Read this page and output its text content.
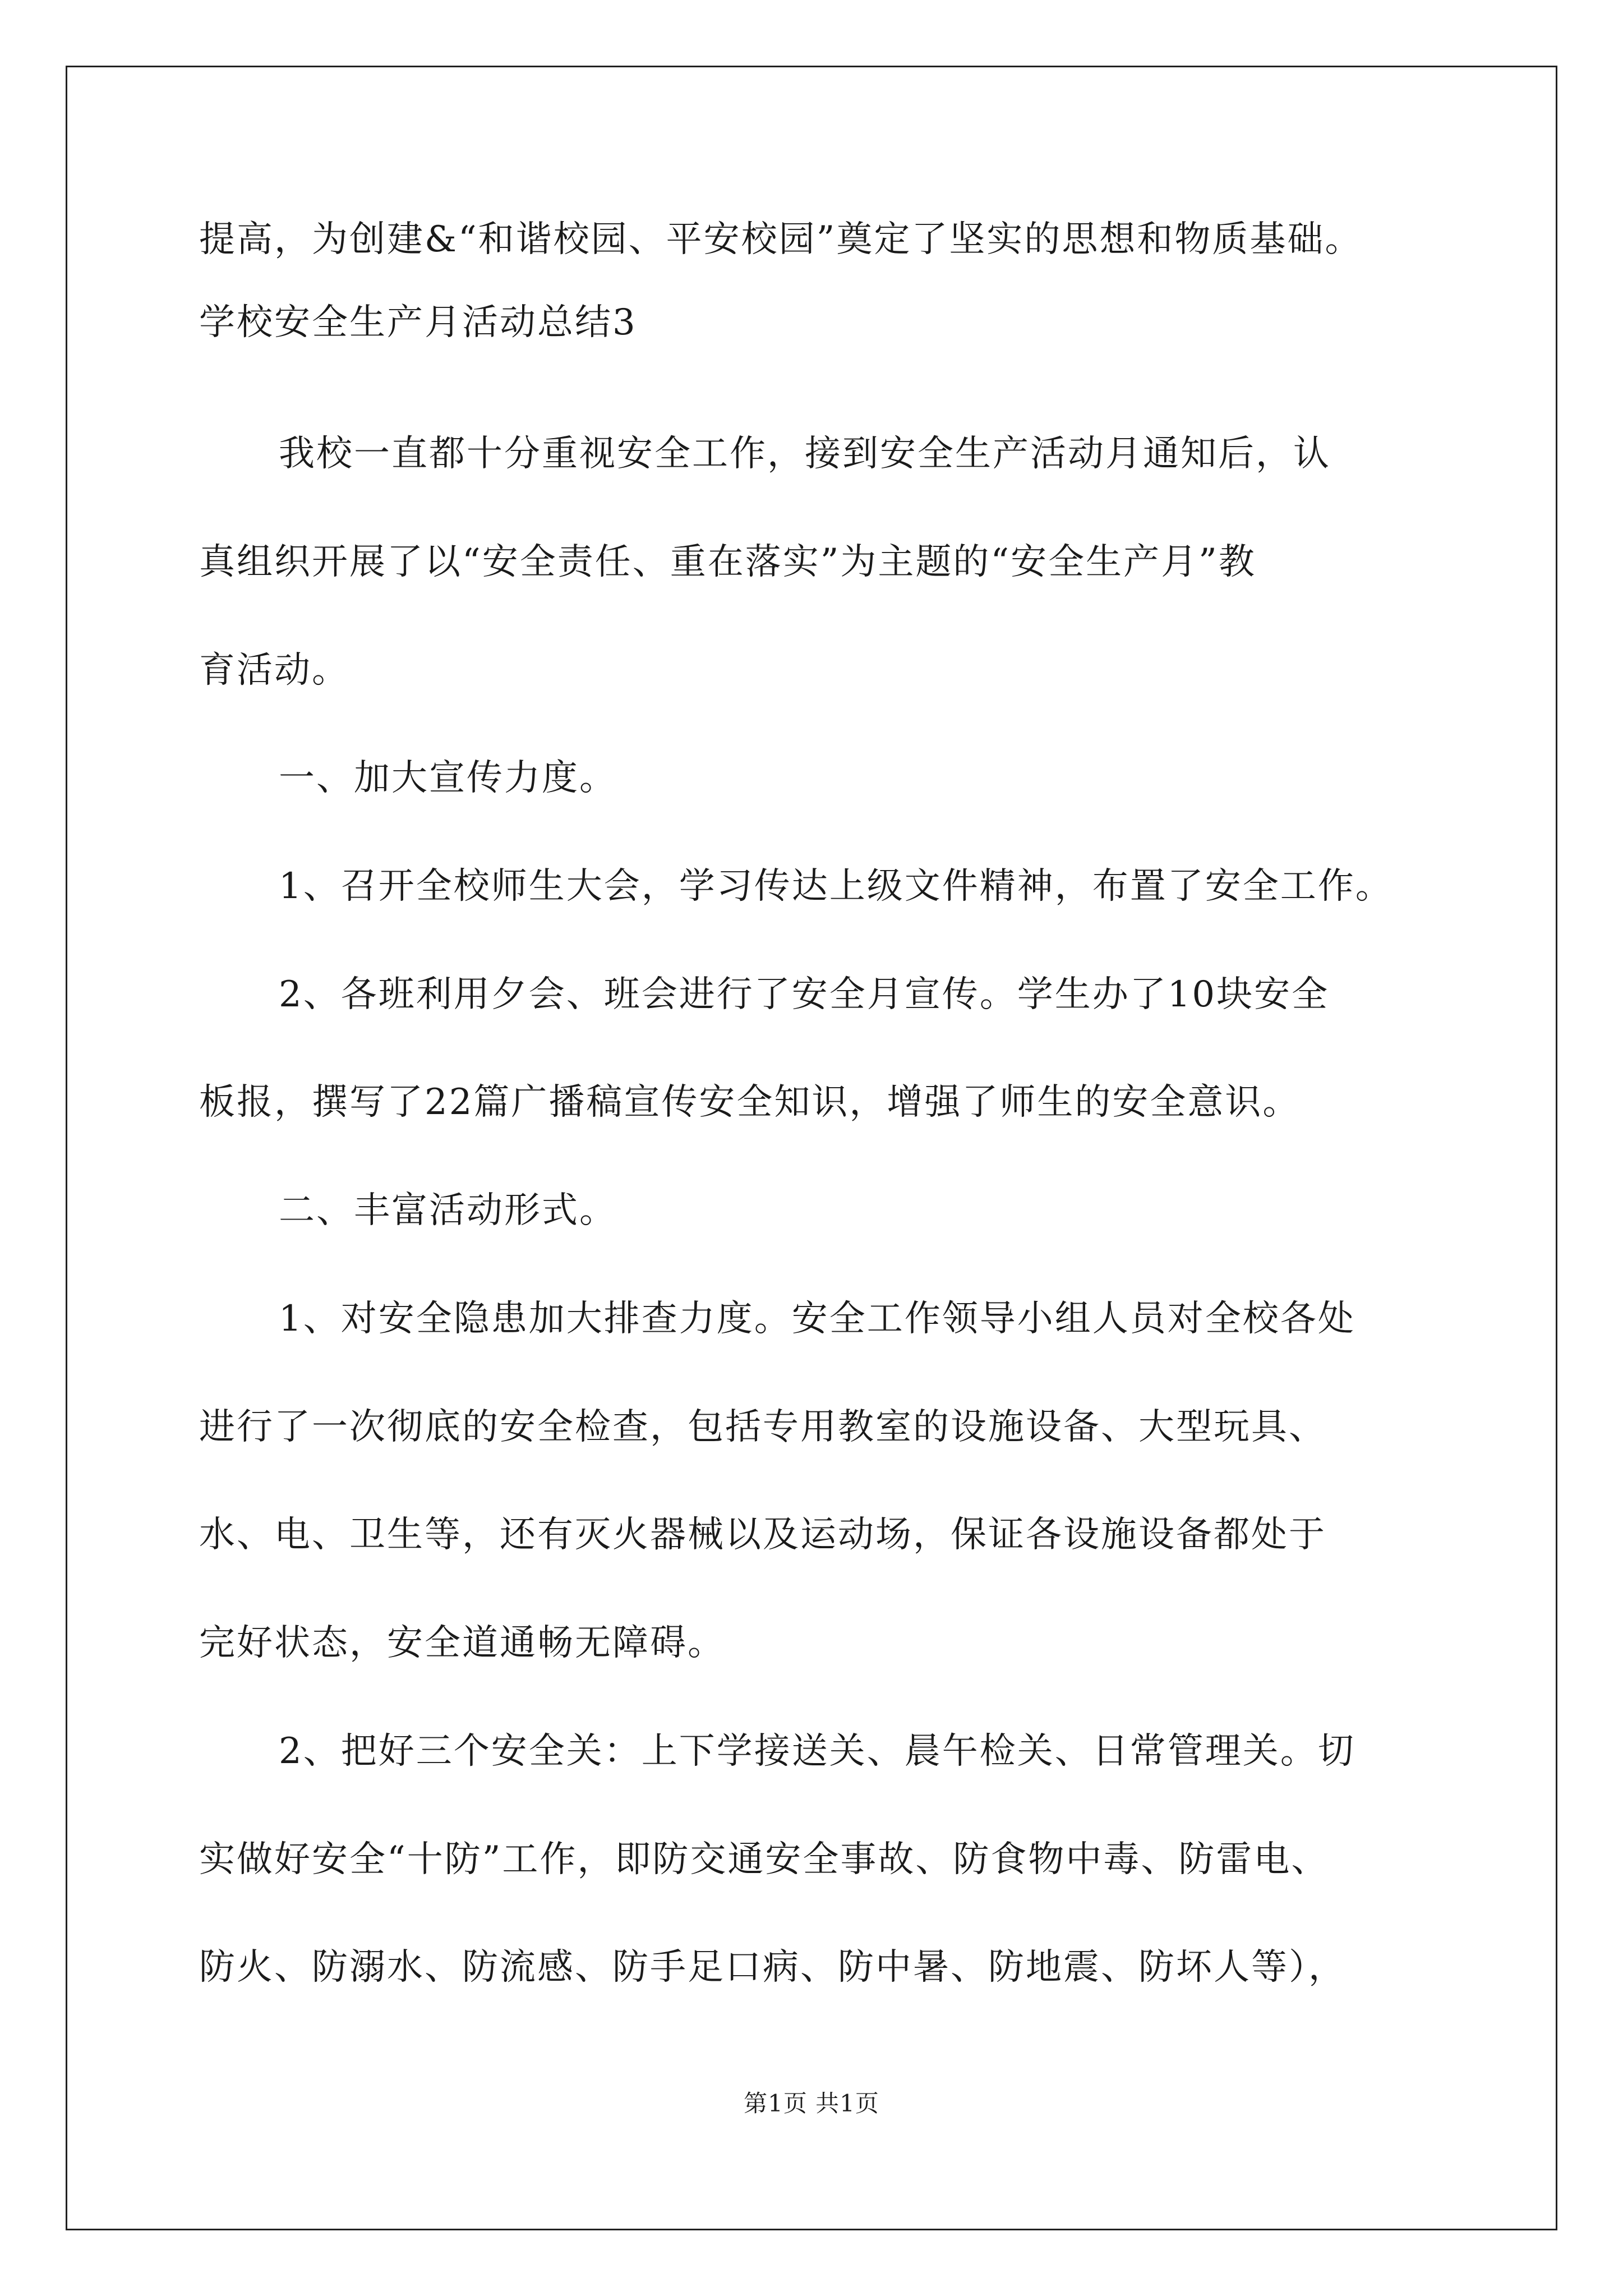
提高，为创建&“和谐校园、平安校园”奠定了坚实的思想和物质基础。
学校安全生产月活动总结3
我校一直都十分重视安全工作，接到安全生产活动月通知后，认
真组织开展了以“安全责任、重在落实”为主题的“安全生产月”教
育活动。
一、加大宣传力度。
1、召开全校师生大会，学习传达上级文件精神，布置了安全工作。
2、各班利用夕会、班会进行了安全月宣传。学生办了10块安全
板报，撰写了22篇广播稿宣传安全知识，增强了师生的安全意识。
二、丰富活动形式。
1、对安全隐患加大排查力度。安全工作领导小组人员对全校各处
进行了一次彻底的安全检查，包括专用教室的设施设备、大型玩具、
水、电、卫生等，还有灭火器械以及运动场，保证各设施设备都处于
完好状态，安全道通畅无障碍。
2、把好三个安全关：上下学接送关、晨午检关、日常管理关。切
实做好安全“十防”工作，即防交通安全事故、防食物中毒、防雷电、
防火、防溺水、防流感、防手足口病、防中暑、防地震、防坏人等），
第1页 共1页
